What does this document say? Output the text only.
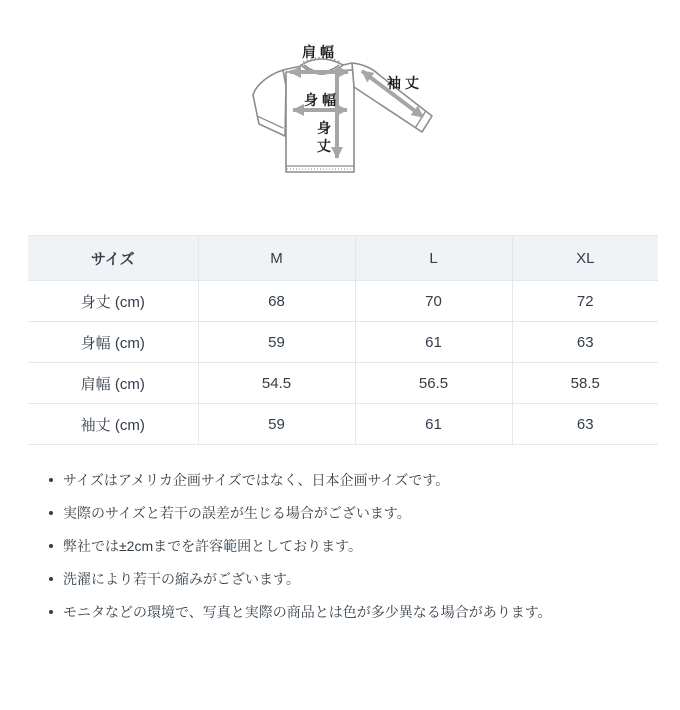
肩幅
袖丈
身幅
身
丈
サイズ	M	L	XL
身丈 (cm)	68	70	72
身幅 (cm)	59	61	63
肩幅 (cm)	54.5	56.5	58.5
袖丈 (cm)	59	61	63
サイズはアメリカ企画サイズではなく、日本企画サイズです。
実際のサイズと若干の誤差が生じる場合がございます。
弊社では±2cmまでを許容範囲としております。
洗濯により若干の縮みがございます。
モニタなどの環境で、写真と実際の商品とは色が多少異なる場合があります。
